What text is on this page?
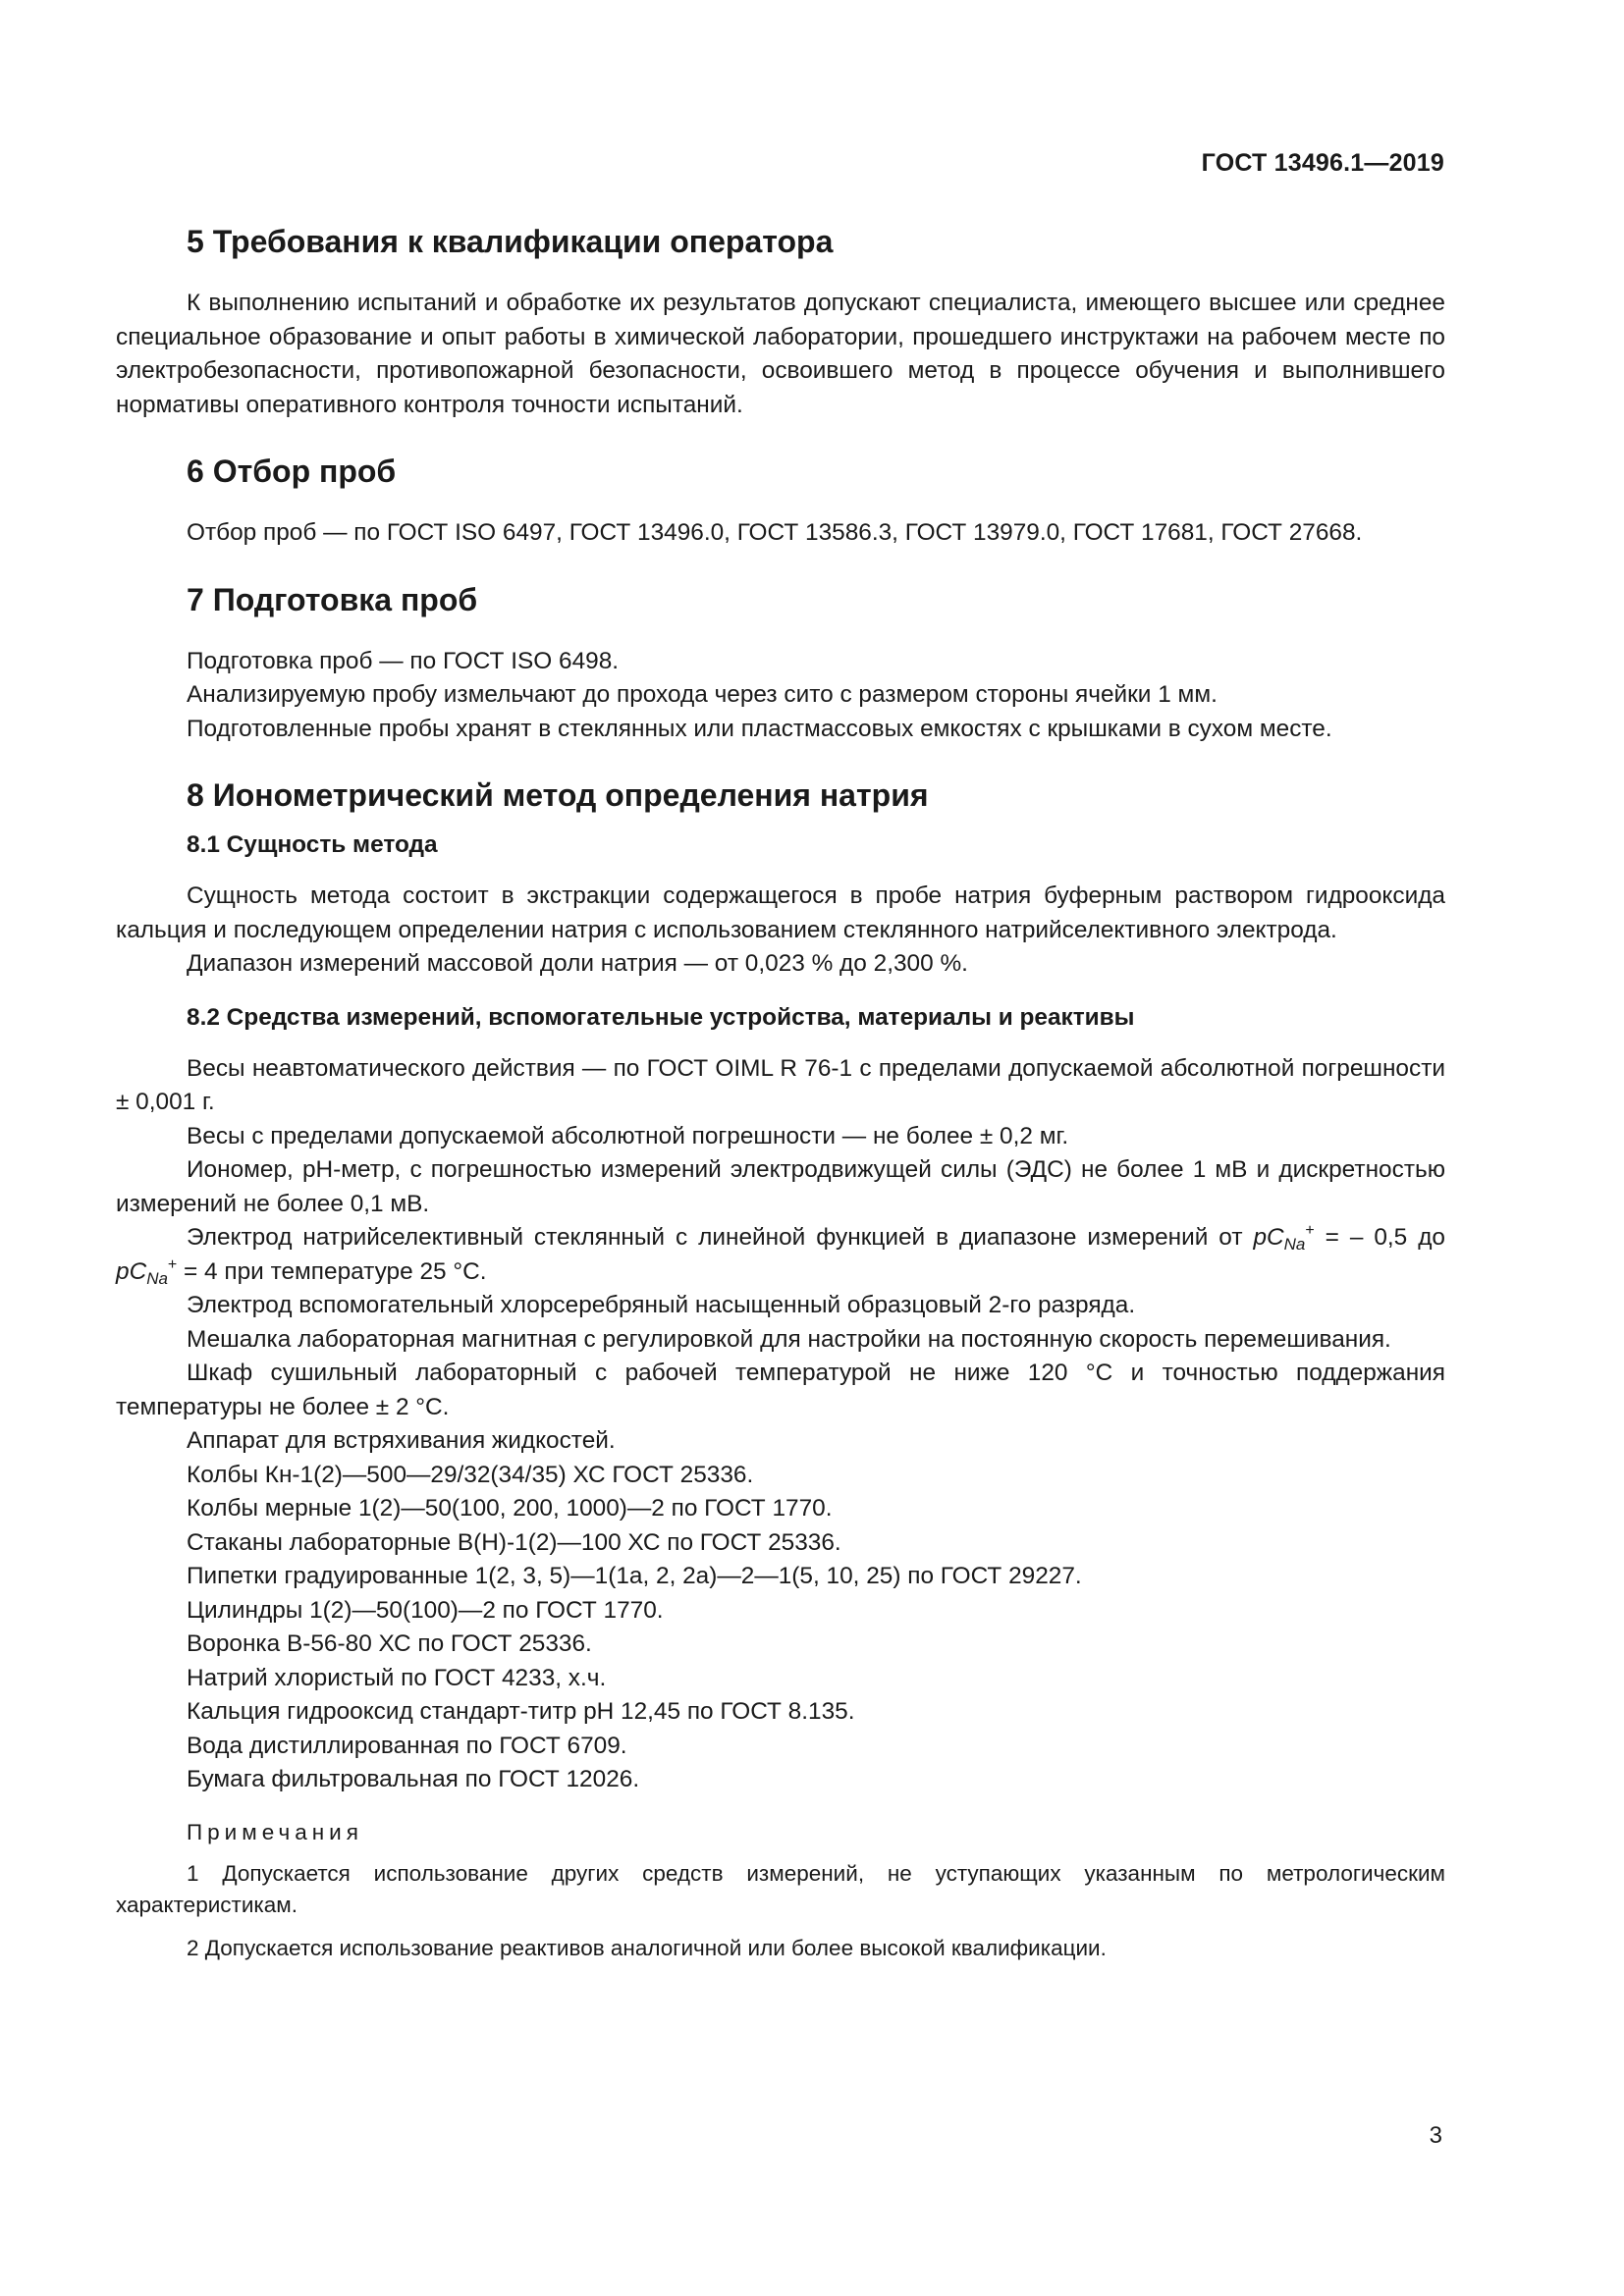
ГОСТ 13496.1—2019
5 Требования к квалификации оператора

К выполнению испытаний и обработке их результатов допускают специалиста, имеющего высшее или среднее специальное образование и опыт работы в химической лаборатории, прошедшего инструктажи на рабочем месте по электробезопасности, противопожарной безопасности, освоившего метод в процессе обучения и выполнившего нормативы оперативного контроля точности испытаний.

6 Отбор проб

Отбор проб — по ГОСТ ISO 6497, ГОСТ 13496.0, ГОСТ 13586.3, ГОСТ 13979.0, ГОСТ 17681, ГОСТ 27668.

7 Подготовка проб

Подготовка проб — по ГОСТ ISO 6498.

Анализируемую пробу измельчают до прохода через сито с размером стороны ячейки 1 мм.

Подготовленные пробы хранят в стеклянных или пластмассовых емкостях с крышками в сухом месте.

8 Ионометрический метод определения натрия
8.1 Сущность метода

Сущность метода состоит в экстракции содержащегося в пробе натрия буферным раствором гидрооксида кальция и последующем определении натрия с использованием стеклянного натрийселективного электрода.

Диапазон измерений массовой доли натрия — от 0,023 % до 2,300 %.

8.2 Средства измерений, вспомогательные устройства, материалы и реактивы

Весы неавтоматического действия — по ГОСТ OIML R 76-1 с пределами допускаемой абсолютной погрешности ± 0,001 г.

Весы с пределами допускаемой абсолютной погрешности — не более ± 0,2 мг.

Иономер, рН-метр, с погрешностью измерений электродвижущей силы (ЭДС) не более 1 мВ и дискретностью измерений не более 0,1 мВ.

Электрод натрийселективный стеклянный с линейной функцией в диапазоне измерений от $pC_{Na}^+$ = – 0,5 до $pC_{Na}^+ = 4$ при температуре 25 °С.

Электрод вспомогательный хлорсеребряный насыщенный образцовый 2-го разряда.

Мешалка лабораторная магнитная с регулировкой для настройки на постоянную скорость перемешивания.

Шкаф сушильный лабораторный с рабочей температурой не ниже 120 °С и точностью поддержания температуры не более ± 2 °С.

Аппарат для встряхивания жидкостей.

Колбы Кн-1(2)—500—29/32(34/35) ХС ГОСТ 25336.

Колбы мерные 1(2)—50(100, 200, 1000)—2 по ГОСТ 1770.

Стаканы лабораторные В(Н)-1(2)—100 ХС по ГОСТ 25336.

Пипетки градуированные 1(2, 3, 5)—1(1а, 2, 2а)—2—1(5, 10, 25) по ГОСТ 29227.

Цилиндры 1(2)—50(100)—2 по ГОСТ 1770.

Воронка В-56-80 ХС по ГОСТ 25336.

Натрий хлористый по ГОСТ 4233, х.ч.

Кальция гидрооксид стандарт-титр рН 12,45 по ГОСТ 8.135.

Вода дистиллированная по ГОСТ 6709.

Бумага фильтровальная по ГОСТ 12026.

Примечания
1 Допускается использование других средств измерений, не уступающих указанным по метрологическим характеристикам.
2 Допускается использование реактивов аналогичной или более высокой квалификации.
3
